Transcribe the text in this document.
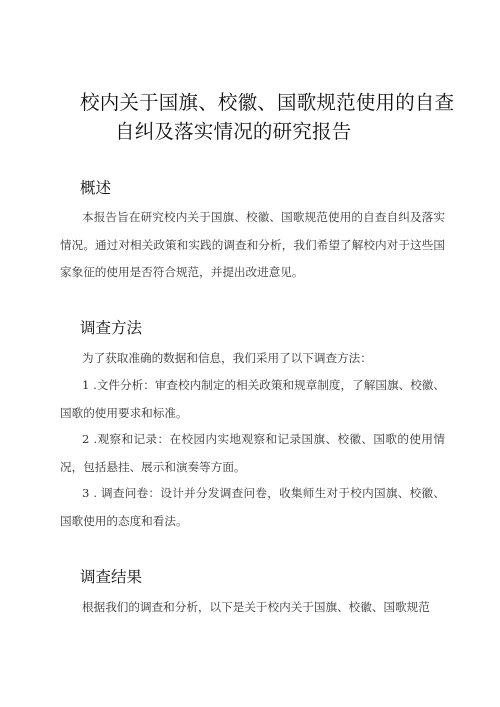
校内关于国旗、校徽、国歌规范使用的自查
自纠及落实情况的研究报告
概述
本报告旨在研究校内关于国旗、校徽、国歌规范使用的自查自纠及落实情况。通过对相关政策和实践的调查和分析，我们希望了解校内对于这些国家象征的使用是否符合规范，并提出改进意见。
调查方法
为了获取准确的数据和信息，我们采用了以下调查方法：
1 .文件分析：审查校内制定的相关政策和规章制度，了解国旗、校徽、国歌的使用要求和标准。
2 .观察和记录：在校园内实地观察和记录国旗、校徽、国歌的使用情况，包括悬挂、展示和演奏等方面。
3 . 调查问卷：设计并分发调查问卷，收集师生对于校内国旗、校徽、国歌使用的态度和看法。
调查结果
根据我们的调查和分析，以下是关于校内关于国旗、校徽、国歌规范
